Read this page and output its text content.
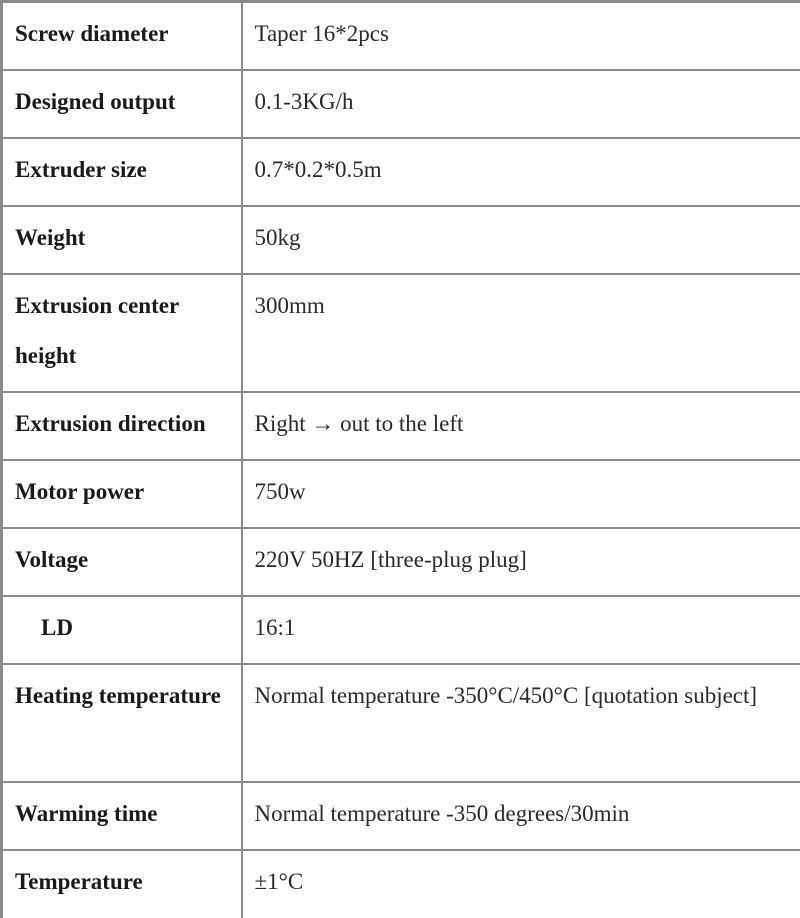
Screw diameter	Taper 16*2pcs
Designed output	0.1-3KG/h
Extruder size	0.7*0.2*0.5m
Weight	50kg
Extrusion center height	300mm
Extrusion direction	Right → out to the left
Motor power	750w
Voltage	220V 50HZ [three-plug plug]
LD	16:1
Heating temperature	Normal temperature -350°C/450°C [quotation subject]
Warming time	Normal temperature -350 degrees/30min
Temperature	±1°C
